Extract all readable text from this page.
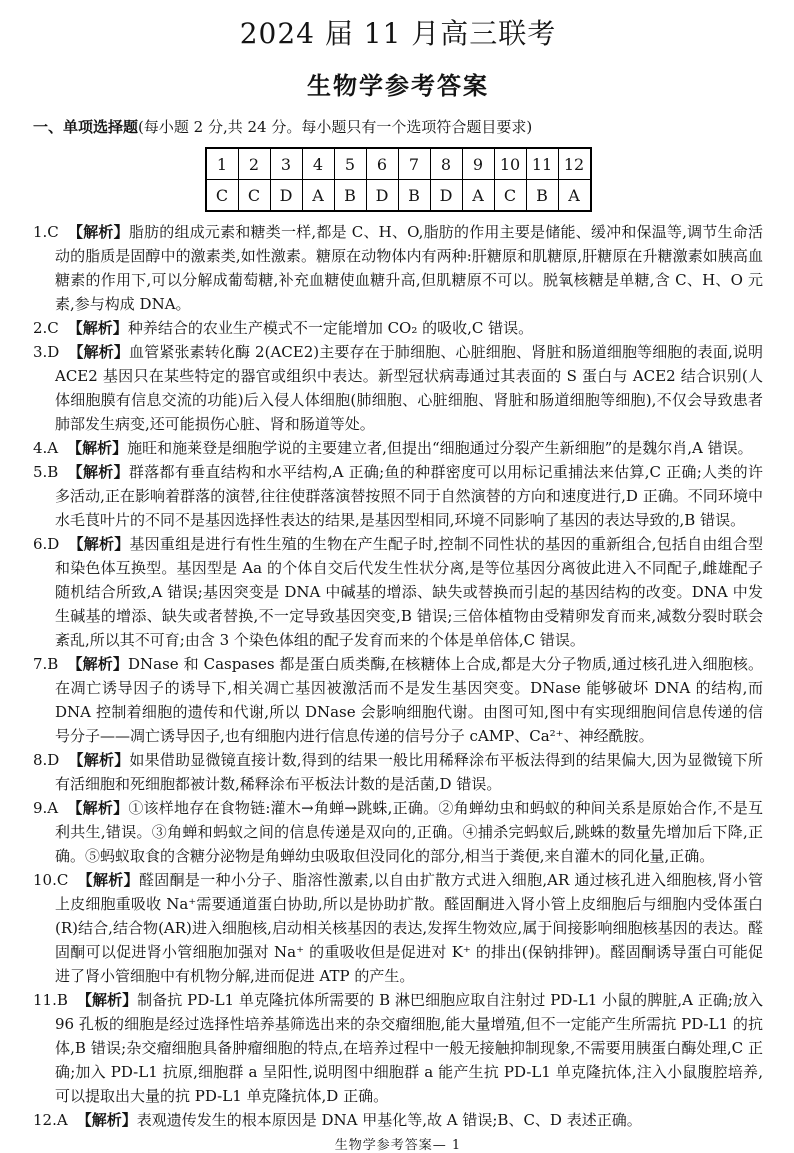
2024 届 11 月高三联考
生物学参考答案
一、单项选择题(每小题 2 分,共 24 分。每小题只有一个选项符合题目要求)
1	2	3	4	5	6	7	8	9	10	11	12
C	C	D	A	B	D	B	D	A	C	B	A

1.C 【解析】脂肪的组成元素和糖类一样,都是 C、H、O,脂肪的作用主要是储能、缓冲和保温等,调节生命活动的脂质是固醇中的激素类,如性激素。糖原在动物体内有两种:肝糖原和肌糖原,肝糖原在升糖激素如胰高血糖素的作用下,可以分解成葡萄糖,补充血糖使血糖升高,但肌糖原不可以。脱氧核糖是单糖,含 C、H、O 元素,参与构成 DNA。

2.C 【解析】种养结合的农业生产模式不一定能增加 CO₂ 的吸收,C 错误。

3.D 【解析】血管紧张素转化酶 2(ACE2)主要存在于肺细胞、心脏细胞、肾脏和肠道细胞等细胞的表面,说明 ACE2 基因只在某些特定的器官或组织中表达。新型冠状病毒通过其表面的 S 蛋白与 ACE2 结合识别(人体细胞膜有信息交流的功能)后入侵人体细胞(肺细胞、心脏细胞、肾脏和肠道细胞等细胞),不仅会导致患者肺部发生病变,还可能损伤心脏、肾和肠道等处。

4.A 【解析】施旺和施莱登是细胞学说的主要建立者,但提出“细胞通过分裂产生新细胞”的是魏尔肖,A 错误。

5.B 【解析】群落都有垂直结构和水平结构,A 正确;鱼的种群密度可以用标记重捕法来估算,C 正确;人类的许多活动,正在影响着群落的演替,往往使群落演替按照不同于自然演替的方向和速度进行,D 正确。不同环境中水毛茛叶片的不同不是基因选择性表达的结果,是基因型相同,环境不同影响了基因的表达导致的,B 错误。

6.D 【解析】基因重组是进行有性生殖的生物在产生配子时,控制不同性状的基因的重新组合,包括自由组合型和染色体互换型。基因型是 Aa 的个体自交后代发生性状分离,是等位基因分离彼此进入不同配子,雌雄配子随机结合所致,A 错误;基因突变是 DNA 中碱基的增添、缺失或替换而引起的基因结构的改变。DNA 中发生碱基的增添、缺失或者替换,不一定导致基因突变,B 错误;三倍体植物由受精卵发育而来,减数分裂时联会紊乱,所以其不可育;由含 3 个染色体组的配子发育而来的个体是单倍体,C 错误。

7.B 【解析】DNase 和 Caspases 都是蛋白质类酶,在核糖体上合成,都是大分子物质,通过核孔进入细胞核。在凋亡诱导因子的诱导下,相关凋亡基因被激活而不是发生基因突变。DNase 能够破坏 DNA 的结构,而 DNA 控制着细胞的遗传和代谢,所以 DNase 会影响细胞代谢。由图可知,图中有实现细胞间信息传递的信号分子——凋亡诱导因子,也有细胞内进行信息传递的信号分子 cAMP、Ca²⁺、神经酰胺。

8.D 【解析】如果借助显微镜直接计数,得到的结果一般比用稀释涂布平板法得到的结果偏大,因为显微镜下所有活细胞和死细胞都被计数,稀释涂布平板法计数的是活菌,D 错误。

9.A 【解析】①该样地存在食物链:灌木→角蝉→跳蛛,正确。②角蝉幼虫和蚂蚁的种间关系是原始合作,不是互利共生,错误。③角蝉和蚂蚁之间的信息传递是双向的,正确。④捕杀完蚂蚁后,跳蛛的数量先增加后下降,正确。⑤蚂蚁取食的含糖分泌物是角蝉幼虫吸取但没同化的部分,相当于粪便,来自灌木的同化量,正确。

10.C 【解析】醛固酮是一种小分子、脂溶性激素,以自由扩散方式进入细胞,AR 通过核孔进入细胞核,肾小管上皮细胞重吸收 Na⁺需要通道蛋白协助,所以是协助扩散。醛固酮进入肾小管上皮细胞后与细胞内受体蛋白(R)结合,结合物(AR)进入细胞核,启动相关核基因的表达,发挥生物效应,属于间接影响细胞核基因的表达。醛固酮可以促进肾小管细胞加强对 Na⁺ 的重吸收但是促进对 K⁺ 的排出(保钠排钾)。醛固酮诱导蛋白可能促进了肾小管细胞中有机物分解,进而促进 ATP 的产生。

11.B 【解析】制备抗 PD-L1 单克隆抗体所需要的 B 淋巴细胞应取自注射过 PD-L1 小鼠的脾脏,A 正确;放入 96 孔板的细胞是经过选择性培养基筛选出来的杂交瘤细胞,能大量增殖,但不一定能产生所需抗 PD-L1 的抗体,B 错误;杂交瘤细胞具备肿瘤细胞的特点,在培养过程中一般无接触抑制现象,不需要用胰蛋白酶处理,C 正确;加入 PD-L1 抗原,细胞群 a 呈阳性,说明图中细胞群 a 能产生抗 PD-L1 单克隆抗体,注入小鼠腹腔培养,可以提取出大量的抗 PD-L1 单克隆抗体,D 正确。

12.A 【解析】表观遗传发生的根本原因是 DNA 甲基化等,故 A 错误;B、C、D 表述正确。

生物学参考答案— 1
